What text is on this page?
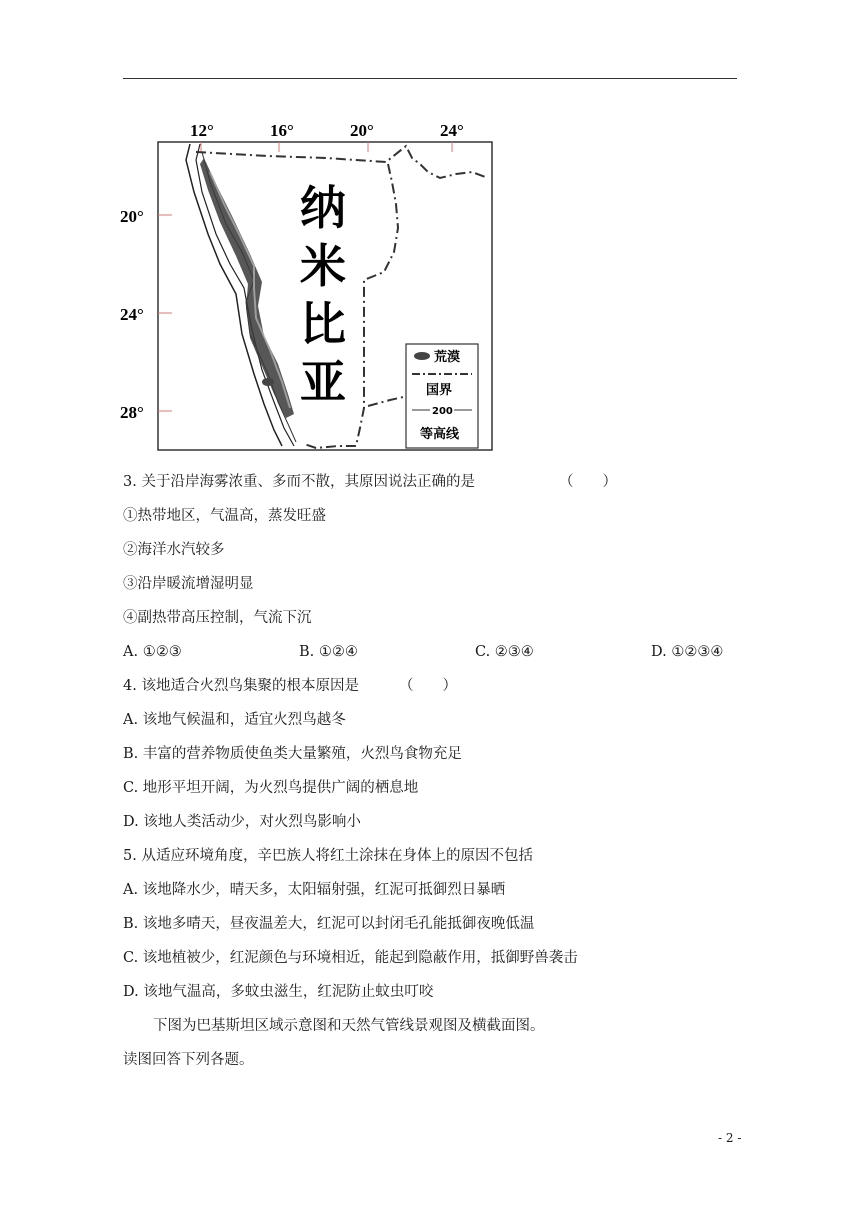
12°	16°	20°	24°
20°
24°
28°
纳
米
比
亚	荒漠
国界
200
等高线
3. 关于沿岸海雾浓重、多而不散，其原因说法正确的是	（　　）
①热带地区，气温高，蒸发旺盛
②海洋水汽较多
③沿岸暖流增湿明显
④副热带高压控制，气流下沉
A. ①②③	B. ①②④	C. ②③④	D. ①②③④
4. 该地适合火烈鸟集聚的根本原因是	（　　）
A. 该地气候温和，适宜火烈鸟越冬
B. 丰富的营养物质使鱼类大量繁殖，火烈鸟食物充足
C. 地形平坦开阔，为火烈鸟提供广阔的栖息地
D. 该地人类活动少，对火烈鸟影响小
5. 从适应环境角度，辛巴族人将红土涂抹在身体上的原因不包括
A. 该地降水少，晴天多，太阳辐射强，红泥可抵御烈日暴晒
B. 该地多晴天，昼夜温差大，红泥可以封闭毛孔能抵御夜晚低温
C. 该地植被少，红泥颜色与环境相近，能起到隐蔽作用，抵御野兽袭击
D. 该地气温高，多蚊虫滋生，红泥防止蚊虫叮咬
下图为巴基斯坦区域示意图和天然气管线景观图及横截面图。
读图回答下列各题。
- 2 -
